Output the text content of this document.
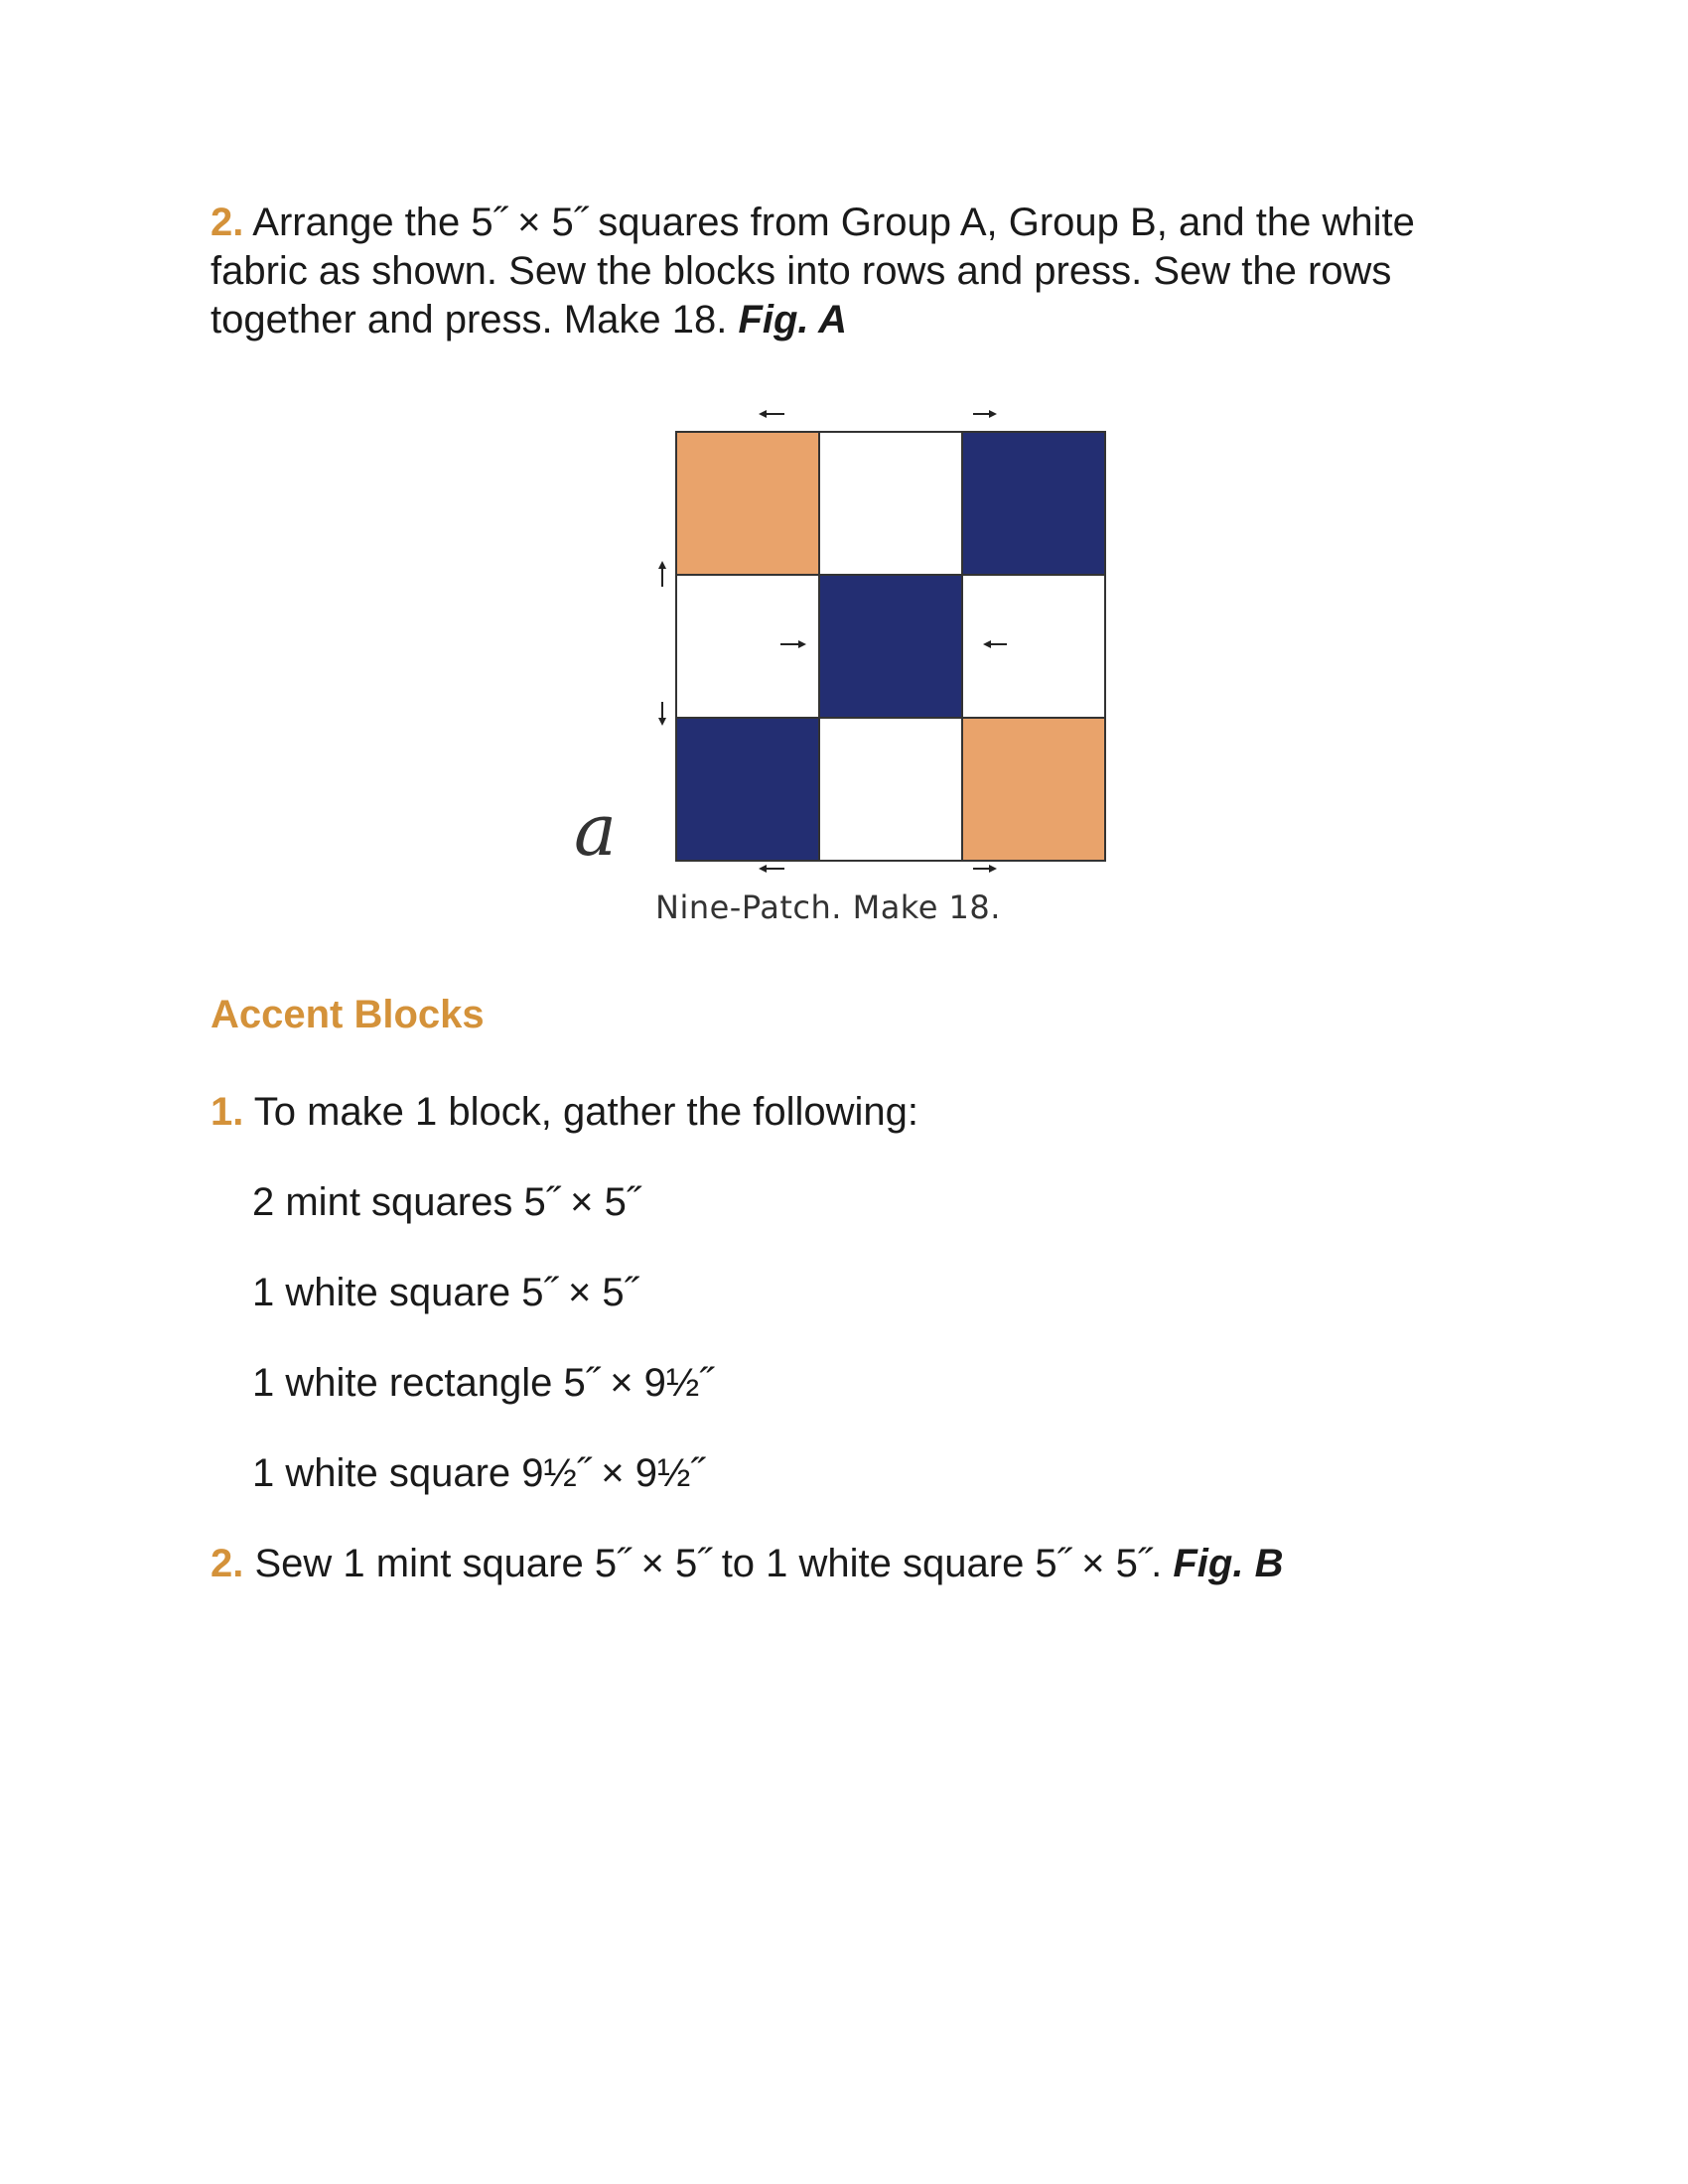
2. Arrange the 5˝ × 5˝ squares from Group A, Group B, and the white fabric as shown. Sew the blocks into rows and press. Sew the rows together and press. Make 18. Fig. A

a
Nine-Patch. Make 18.
Accent Blocks

1. To make 1 block, gather the following:

2 mint squares 5˝ × 5˝

1 white square 5˝ × 5˝

1 white rectangle 5˝ × 9½˝

1 white square 9½˝ × 9½˝

2. Sew 1 mint square 5˝ × 5˝ to 1 white square 5˝ × 5˝. Fig. B
